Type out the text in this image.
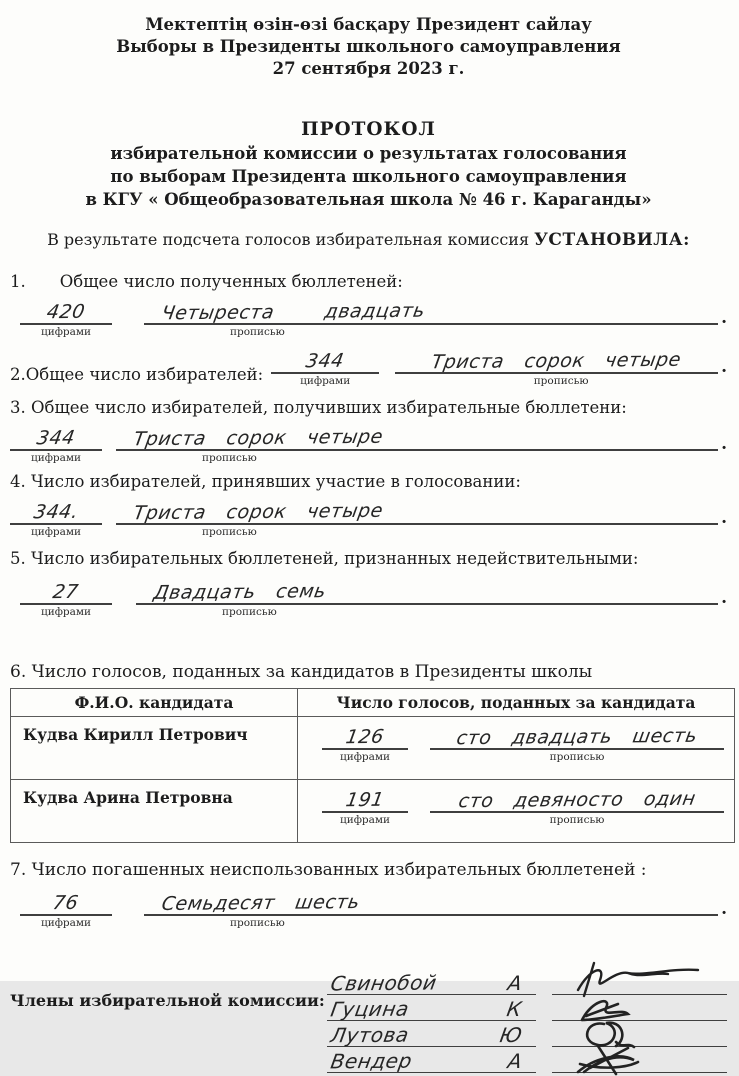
Мектептің өзін-өзі басқару Президент сайлау
Выборы в Президенты школьного самоуправления
27 сентября 2023 г.
ПРОТОКОЛ
избирательной комиссии о результатах голосования
по выборам Президента школьного самоуправления
в КГУ « Общеобразовательная школа № 46 г. Караганды»
В результате подсчета голосов избирательная комиссия УСТАНОВИЛА:
1. Общее число полученных бюллетеней:
420
цифрами
Четыреста двадцать	.
прописью
2.Общее число избирателей:
344
цифрами
Триста сорок четыре .
прописью
3. Общее число избирателей, получивших избирательные бюллетени:
344
цифрами
Триста сорок четыре	.
прописью
4. Число избирателей, принявших участие в голосовании:
344.
цифрами
Триста сорок четыре	.
прописью
5. Число избирательных бюллетеней, признанных недействительными:
27
цифрами
Двадцать семь	.
прописью
6. Число голосов, поданных за кандидатов в Президенты школы
Ф.И.О. кандидата	Число голосов, поданных за кандидата
Кудва Кирилл Петрович	126
цифрами
сто двадцать шесть
прописью

Кудва Арина Петровна	191
цифрами
сто девяносто один
прописью
7. Число погашенных неиспользованных избирательных бюллетеней :
76
цифрами
Семьдесят шесть	.
прописью
Члены избирательной комиссии:
Свинобой	А
Гуцина	К
Лутова	Ю
Вендер	А
